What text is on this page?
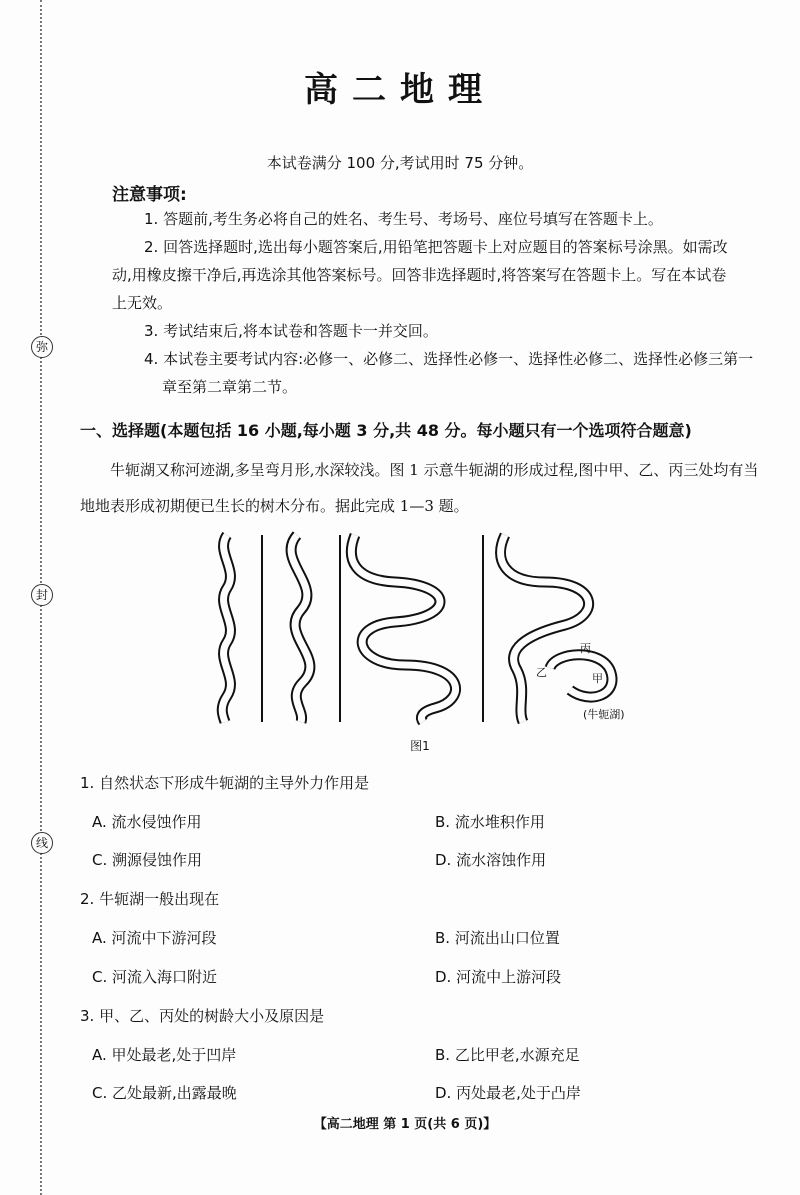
弥
封
线
高二地理
本试卷满分 100 分,考试用时 75 分钟。
注意事项:

1. 答题前,考生务必将自己的姓名、考生号、考场号、座位号填写在答题卡上。

2. 回答选择题时,选出每小题答案后,用铅笔把答题卡上对应题目的答案标号涂黑。如需改动,用橡皮擦干净后,再选涂其他答案标号。回答非选择题时,将答案写在答题卡上。写在本试卷上无效。

3. 考试结束后,将本试卷和答题卡一并交回。

4. 本试卷主要考试内容:必修一、必修二、选择性必修一、选择性必修二、选择性必修三第一章至第二章第二节。

一、选择题(本题包括 16 小题,每小题 3 分,共 48 分。每小题只有一个选项符合题意)

牛轭湖又称河迹湖,多呈弯月形,水深较浅。图 1 示意牛轭湖的形成过程,图中甲、乙、丙三处均有当地地表形成初期便已生长的树木分布。据此完成 1—3 题。

丙
甲
乙
(牛轭湖)
图1

1. 自然状态下形成牛轭湖的主导外力作用是

A. 流水侵蚀作用	B. 流水堆积作用
C. 溯源侵蚀作用	D. 流水溶蚀作用

2. 牛轭湖一般出现在

A. 河流中下游河段	B. 河流出山口位置
C. 河流入海口附近	D. 河流中上游河段

3. 甲、乙、丙处的树龄大小及原因是

A. 甲处最老,处于凹岸	B. 乙比甲老,水源充足
C. 乙处最新,出露最晚	D. 丙处最老,处于凸岸
【高二地理 第 1 页(共 6 页)】
